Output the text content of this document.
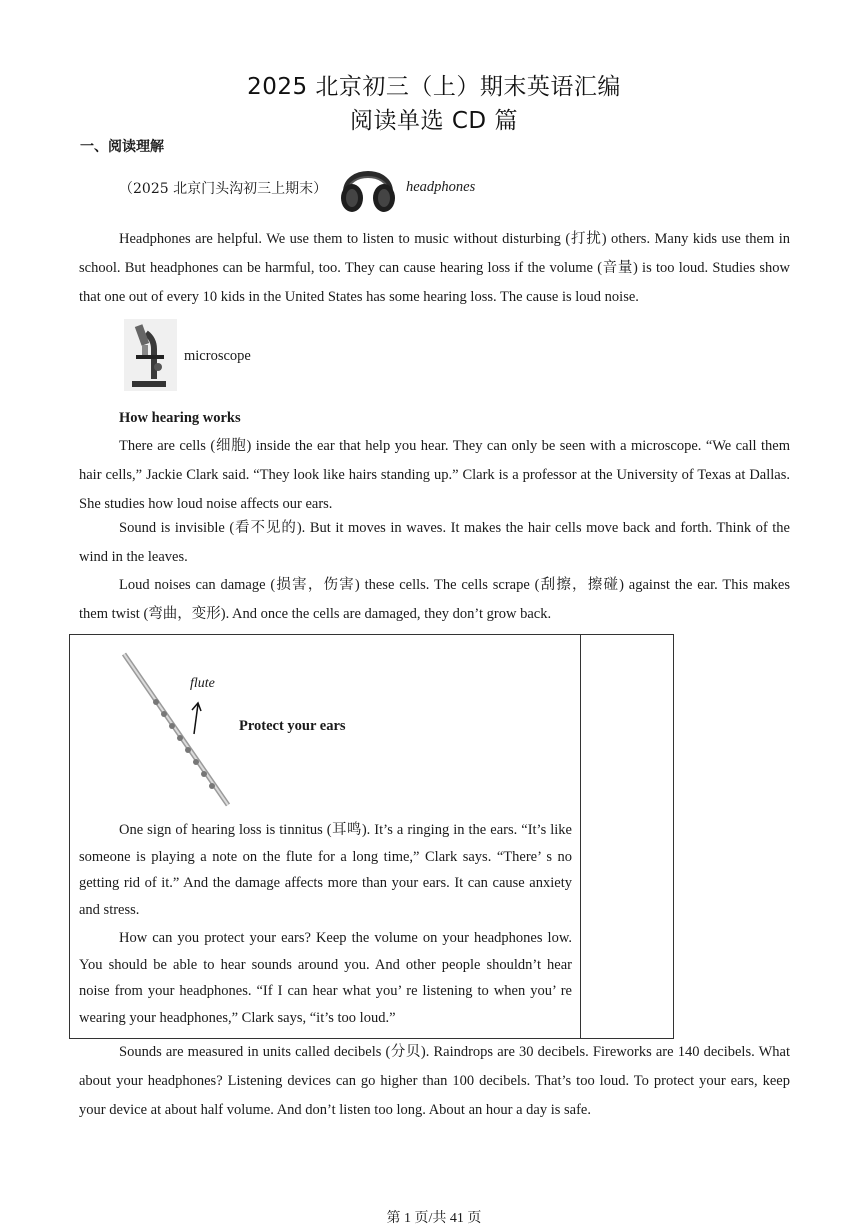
2025 北京初三（上）期末英语汇编
阅读单选 CD 篇
一、阅读理解
（2025 北京门头沟初三上期末）	headphones
Headphones are helpful. We use them to listen to music without disturbing (打扰) others. Many kids use them in school. But headphones can be harmful, too. They can cause hearing loss if the volume (音量) is too loud. Studies show that one out of every 10 kids in the United States has some hearing loss. The cause is loud noise.
microscope
How hearing works
There are cells (细胞) inside the ear that help you hear. They can only be seen with a microscope. “We call them hair cells,” Jackie Clark said. “They look like hairs standing up.” Clark is a professor at the University of Texas at Dallas. She studies how loud noise affects our ears.
Sound is invisible (看不见的). But it moves in waves. It makes the hair cells move back and forth. Think of the wind in the leaves.
Loud noises can damage (损害，伤害) these cells. The cells scrape (刮擦，擦碰) against the ear. This makes them twist (弯曲，变形). And once the cells are damaged, they don’t grow back.
flute
Protect your ears
One sign of hearing loss is tinnitus (耳鸣). It’s a ringing in the ears. “It’s like someone is playing a note on the flute for a long time,” Clark says. “There’ s no getting rid of it.” And the damage affects more than your ears. It can cause anxiety and stress.
How can you protect your ears? Keep the volume on your headphones low. You should be able to hear sounds around you. And other people shouldn’t hear noise from your headphones. “If I can hear what you’ re listening to when you’ re wearing your headphones,” Clark says, “it’s too loud.”
Sounds are measured in units called decibels (分贝). Raindrops are 30 decibels. Fireworks are 140 decibels. What about your headphones? Listening devices can go higher than 100 decibels. That’s too loud. To protect your ears, keep your device at about half volume. And don’t listen too long. About an hour a day is safe.
第 1 页/共 41 页
